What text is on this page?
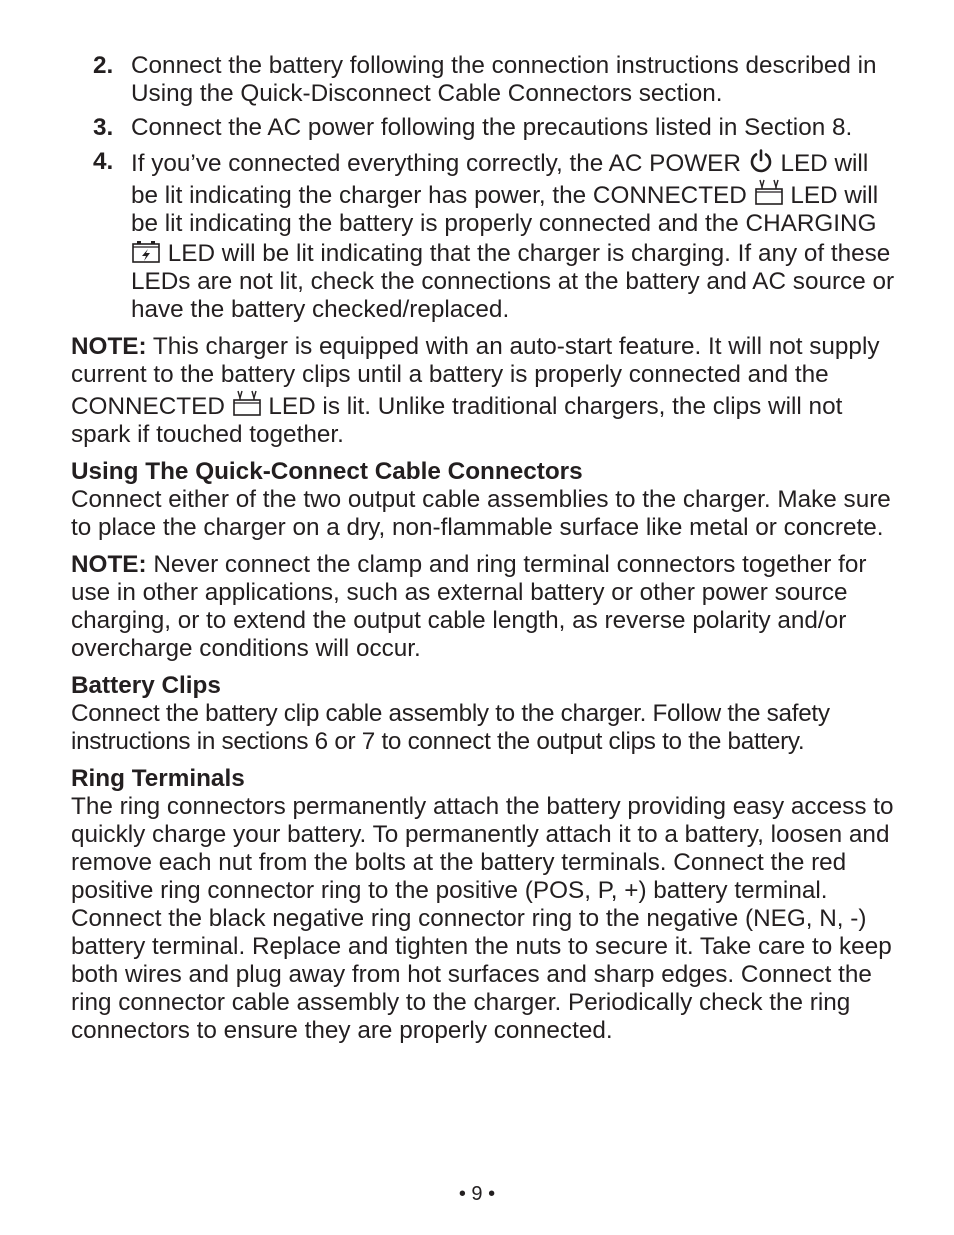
2. Connect the battery following the connection instructions described in Using the Quick-Disconnect Cable Connectors section.
3. Connect the AC power following the precautions listed in Section 8.
4. If you’ve connected everything correctly, the AC POWER LED will be lit indicating the charger has power, the CONNECTED LED will be lit indicating the battery is properly connected and the CHARGING
LED will be lit indicating that the charger is charging. If any of these LEDs are not lit, check the connections at the battery and AC source or have the battery checked/replaced.

NOTE: This charger is equipped with an auto-start feature. It will not supply current to the battery clips until a battery is properly connected and the CONNECTED LED is lit. Unlike traditional chargers, the clips will not spark if touched together.

Using The Quick-Connect Cable Connectors
Connect either of the two output cable assemblies to the charger. Make sure to place the charger on a dry, non-flammable surface like metal or concrete.

NOTE: Never connect the clamp and ring terminal connectors together for use in other applications, such as external battery or other power source charging, or to extend the output cable length, as reverse polarity and/or overcharge conditions will occur.

Battery Clips
Connect the battery clip cable assembly to the charger. Follow the safety instructions in sections 6 or 7 to connect the output clips to the battery.
Ring Terminals
The ring connectors permanently attach the battery providing easy access to quickly charge your battery. To permanently attach it to a battery, loosen and remove each nut from the bolts at the battery terminals. Connect the red positive ring connector ring to the positive (POS, P, +) battery terminal. Connect the black negative ring connector ring to the negative (NEG, N, -) battery terminal. Replace and tighten the nuts to secure it. Take care to keep both wires and plug away from hot surfaces and sharp edges. Connect the ring connector cable assembly to the charger. Periodically check the ring connectors to ensure they are properly connected.
• 9 •
